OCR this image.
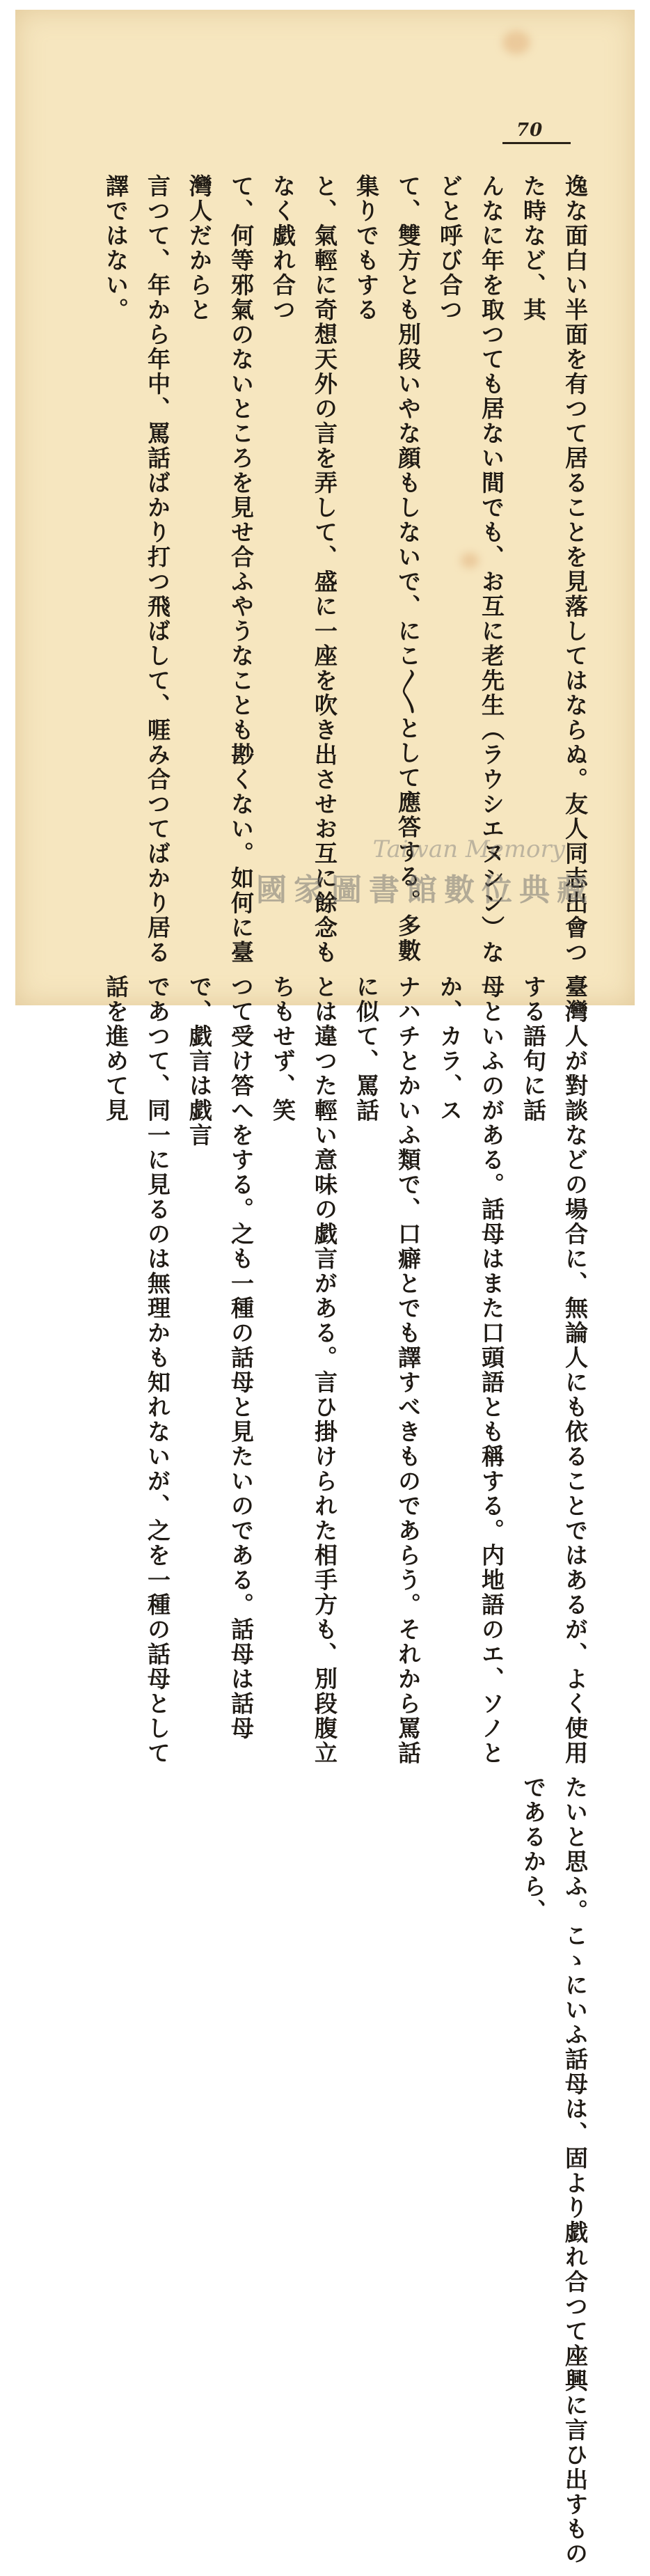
70
逸な面白い半面を有つて居ることを見落してはならぬ。友人同志出會つた時など、其
んなに年を取つても居ない間でも、お互に老先生（ラウシエヌシン）などと呼び合つ
て、雙方とも別段いやな顔もしないで、にこ〳〵として應答する。多數集りでもする
と、氣輕に奇想天外の言を弄して、盛に一座を吹き出させお互に餘念もなく戯れ合つ
て、何等邪氣のないところを見せ合ふやうなことも尠くない。如何に臺灣人だからと
言つて、年から年中、罵話ばかり打つ飛ばして、啀み合つてばかり居る譯ではない。
臺灣人が對談などの場合に、無論人にも依ることではあるが、よく使用する語句に話
母といふのがある。話母はまた口頭語とも稱する。内地語のエ、ソノとか、カラ、ス
ナハチとかいふ類で、口癖とでも譯すべきものであらう。それから罵話に似て、罵話
とは違つた輕い意味の戯言がある。言ひ掛けられた相手方も、別段腹立ちもせず、笑
つて受け答へをする。之も一種の話母と見たいのである。話母は話母で、戯言は戯言
であつて、同一に見るのは無理かも知れないが、之を一種の話母として話を進めて見
たいと思ふ。こゝにいふ話母は、固より戯れ合つて座興に言ひ出すものであるから、
Taiwan Memory
國家圖書館數位典藏
